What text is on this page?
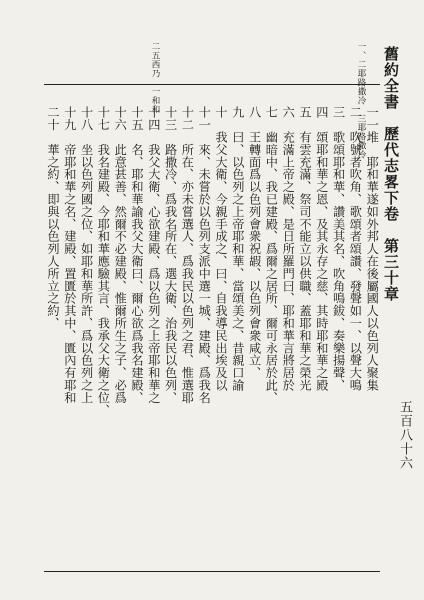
舊約全書　歷代志畧下卷　第三十章
五百八十六
一、二耶路撒冷　三耶路撒冷
二五西乃　一和和
一一堆　耶和華遂如外邦人在後屬國人以色列人聚集
二　吹號者吹角、歌頌者頌讚、發聲如一、以聲大鳴
三　歌頌耶和華、讚美其名、吹角鳴鈸、奏樂揚聲、
四　頌耶和華之恩、及其永存之慈、其時耶和華之殿
五　有雲充滿、祭司不能立以供職、蓋耶和華之榮光
六　充滿上帝之殿、是日所羅門曰、耶和華言將居於
七　幽暗中、我已建殿、爲爾之居所、爾可永居於此、
八　王轉面爲以色列會衆祝嘏、以色列會衆咸立、
九　曰、以色列之上帝耶和華、當頌美之、昔親口諭
十　我父大衛、今親手成之、曰、自我導民出埃及以
十一　來、未嘗於以色列支派中選一城、建殿、爲我名
十二　所在、亦未嘗選人、爲我民以色列之君、惟選耶
十三　路撒冷、爲我名所在、選大衛、治我民以色列、
十四　我父大衛、心欲建殿、爲以色列之上帝耶和華之
十五　名、耶和華諭我父大衛曰、爾心欲爲我名建殿、
十六　此意甚善、然爾不必建殿、惟爾所生之子、必爲
十七　我名建殿、今耶和華應驗其言、我承父大衛之位、
十八　坐以色列國之位、如耶和華所許、爲以色列之上
十九　帝耶和華之名、建殿、置匱於其中、匱內有耶和
二十　華之約、即與以色列人所立之約、
